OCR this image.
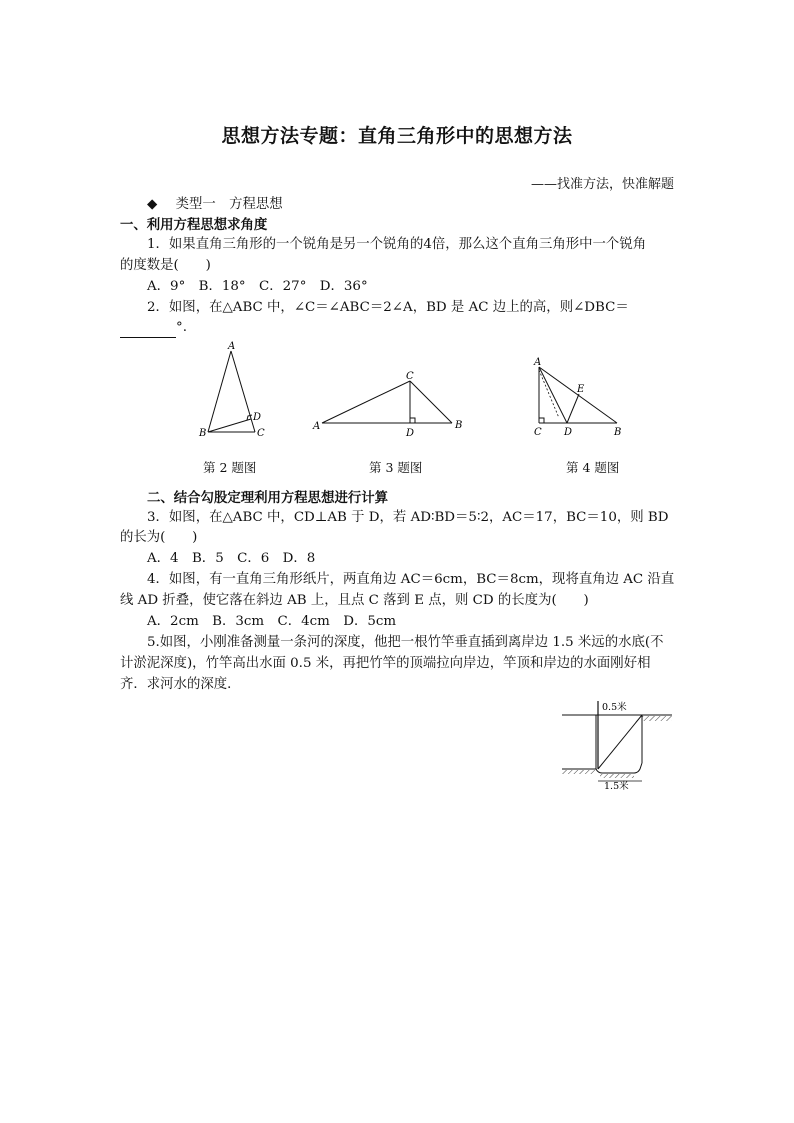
思想方法专题：直角三角形中的思想方法
——找准方法，快准解题
◆ 类型一　方程思想
一、利用方程思想求角度
1．如果直角三角形的一个锐角是另一个锐角的4倍，那么这个直角三角形中一个锐角
的度数是(　　)
A．9°　B．18°　C．27°　D．36°
2．如图，在△ABC 中，∠C＝∠ABC＝2∠A，BD 是 AC 边上的高，则∠DBC＝
°.
A
B	C
D
A	B
C
D
A
B
C D
E
第 2 题图	第 3 题图	第 4 题图
二、结合勾股定理利用方程思想进行计算
3．如图，在△ABC 中，CD⊥AB 于 D，若 AD∶BD＝5∶2，AC＝17，BC＝10，则 BD
的长为(　　)
A．4　B．5　C．6　D．8
4．如图，有一直角三角形纸片，两直角边 AC＝6cm，BC＝8cm，现将直角边 AC 沿直
线 AD 折叠，使它落在斜边 AB 上，且点 C 落到 E 点，则 CD 的长度为(　　)
A．2cm　B．3cm　C．4cm　D．5cm
5.如图，小刚准备测量一条河的深度，他把一根竹竿垂直插到离岸边 1.5 米远的水底(不
计淤泥深度)，竹竿高出水面 0.5 米，再把竹竿的顶端拉向岸边，竿顶和岸边的水面刚好相
齐．求河水的深度．
0.5米
1.5米
